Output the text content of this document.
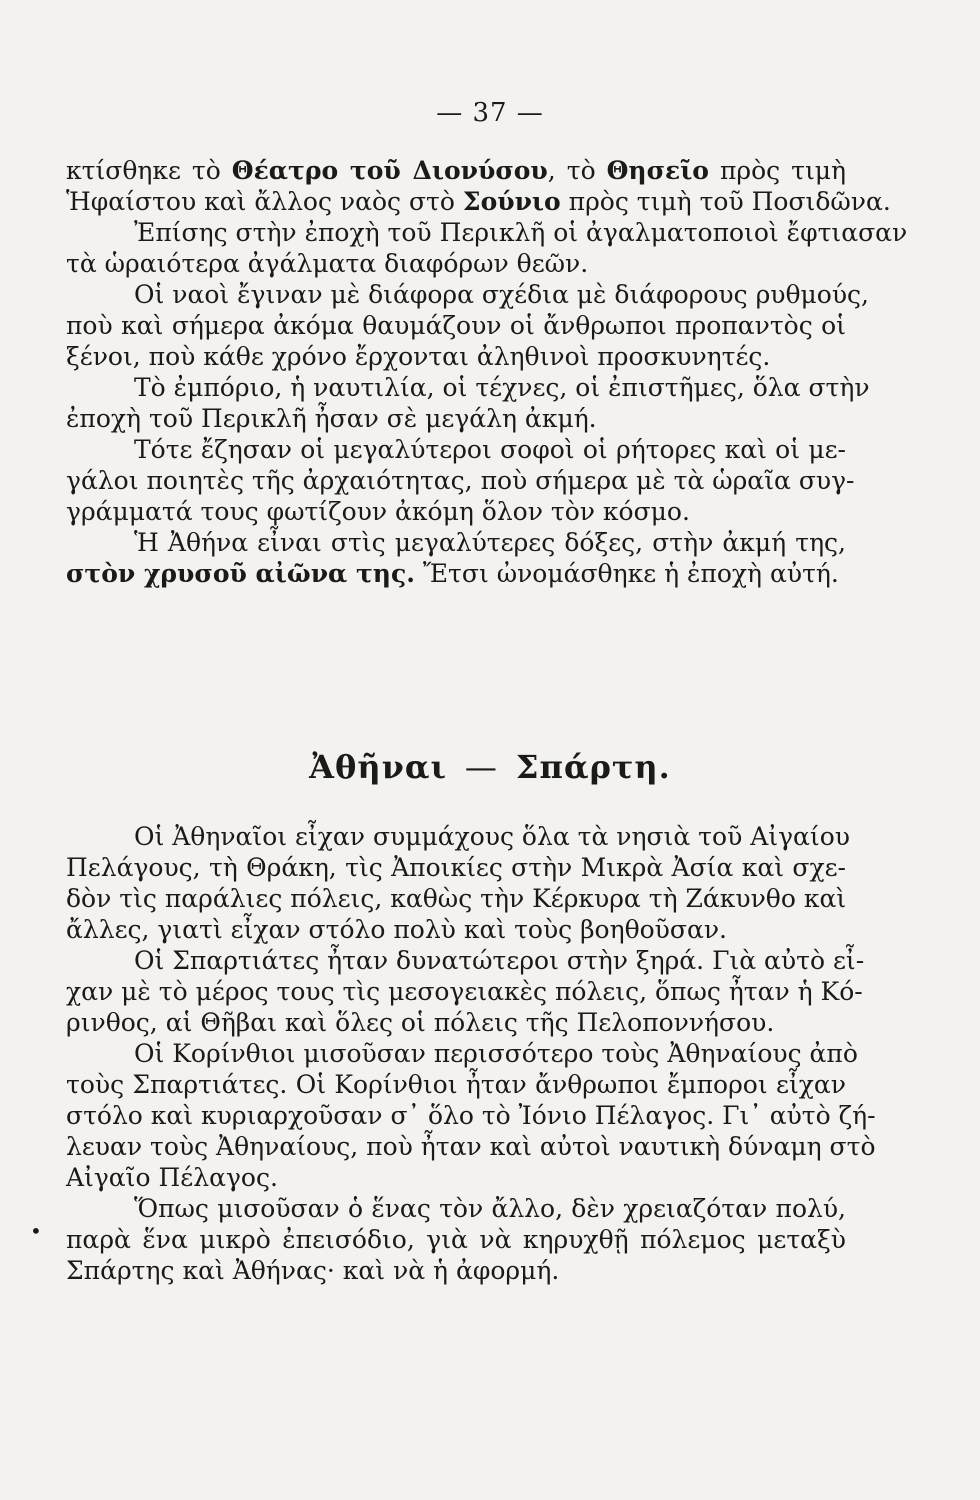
— 37 —
κτίσθηκε τὸ Θέατρο τοῦ Διονύσου, τὸ Θησεῖο πρὸς τιμὴ
Ἡφαίστου καὶ ἄλλος ναὸς στὸ Σούνιο πρὸς τιμὴ τοῦ Ποσιδῶνα.
Ἐπίσης στὴν ἐποχὴ τοῦ Περικλῆ οἱ ἀγαλματοποιοὶ ἔφτιασαν
τὰ ὡραιότερα ἀγάλματα διαφόρων θεῶν.
Οἱ ναοὶ ἔγιναν μὲ διάφορα σχέδια μὲ διάφορους ρυθμούς,
ποὺ καὶ σήμερα ἀκόμα θαυμάζουν οἱ ἄνθρωποι προπαντὸς οἱ
ξένοι, ποὺ κάθε χρόνο ἔρχονται ἀληθινοὶ προσκυνητές.
Τὸ ἐμπόριο, ἡ ναυτιλία, οἱ τέχνες, οἱ ἐπιστῆμες, ὅλα στὴν
ἐποχὴ τοῦ Περικλῆ ἦσαν σὲ μεγάλη ἀκμή.
Τότε ἔζησαν οἱ μεγαλύτεροι σοφοὶ οἱ ρήτορες καὶ οἱ με-
γάλοι ποιητὲς τῆς ἀρχαιότητας, ποὺ σήμερα μὲ τὰ ὡραῖα συγ-
γράμματά τους φωτίζουν ἀκόμη ὅλον τὸν κόσμο.
Ἡ Ἀθήνα εἶναι στὶς μεγαλύτερες δόξες, στὴν ἀκμή της,
στὸν χρυσοῦ αἰῶνα της. Ἔτσι ὠνομάσθηκε ἡ ἐποχὴ αὐτή.
Ἀθῆναι — Σπάρτη.
Οἱ Ἀθηναῖοι εἶχαν συμμάχους ὅλα τὰ νησιὰ τοῦ Αἰγαίου
Πελάγους, τὴ Θράκη, τὶς Ἀποικίες στὴν Μικρὰ Ἀσία καὶ σχε-
δὸν τὶς παράλιες πόλεις, καθὼς τὴν Κέρκυρα τὴ Ζάκυνθο καὶ
ἄλλες, γιατὶ εἶχαν στόλο πολὺ καὶ τοὺς βοηθοῦσαν.
Οἱ Σπαρτιάτες ἦταν δυνατώτεροι στὴν ξηρά. Γιὰ αὐτὸ εἶ-
χαν μὲ τὸ μέρος τους τὶς μεσογειακὲς πόλεις, ὅπως ἦταν ἡ Κό-
ρινθος, αἱ Θῆβαι καὶ ὅλες οἱ πόλεις τῆς Πελοποννήσου.
Οἱ Κορίνθιοι μισοῦσαν περισσότερο τοὺς Ἀθηναίους ἀπὸ
τοὺς Σπαρτιάτες. Οἱ Κορίνθιοι ἦταν ἄνθρωποι ἔμποροι εἶχαν
στόλο καὶ κυριαρχοῦσαν σ᾽ ὅλο τὸ Ἰόνιο Πέλαγος. Γι᾽ αὐτὸ ζή-
λευαν τοὺς Ἀθηναίους, ποὺ ἦταν καὶ αὐτοὶ ναυτικὴ δύναμη στὸ
Αἰγαῖο Πέλαγος.
Ὅπως μισοῦσαν ὁ ἕνας τὸν ἄλλο, δὲν χρειαζόταν πολύ,
παρὰ ἕνα μικρὸ ἐπεισόδιο, γιὰ νὰ κηρυχθῇ πόλεμος μεταξὺ
Σπάρτης καὶ Ἀθήνας· καὶ νὰ ἡ ἀφορμή.
•
